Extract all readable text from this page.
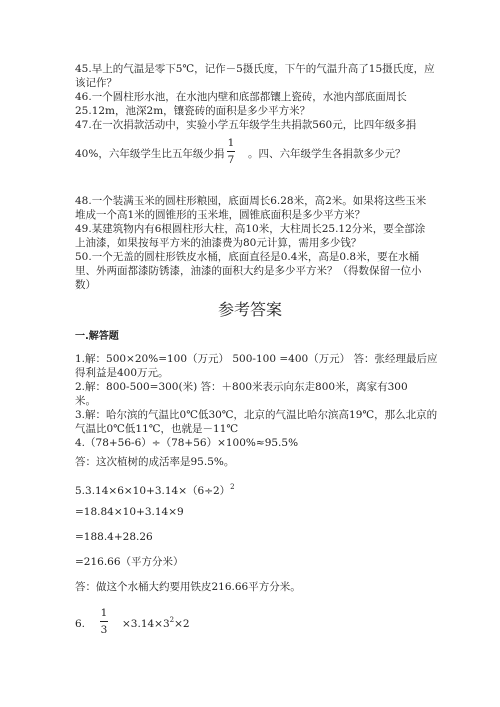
45.早上的气温是零下5℃，记作－5摄氏度，下午的气温升高了15摄氏度，应
该记作？
46.一个圆柱形水池，在水池内壁和底部都镶上瓷砖，水池内部底面周长
25.12m，池深2m，镶瓷砖的面积是多少平方米？
47.在一次捐款活动中，实验小学五年级学生共捐款560元，比四年级多捐
40%，六年级学生比五年级少捐
1
7 。四、六年级学生各捐款多少元？
48.一个装满玉米的圆柱形粮囤，底面周长6.28米，高2米。如果将这些玉米
堆成一个高1米的圆锥形的玉米堆，圆锥底面积是多少平方米？
49.某建筑物内有6根圆柱形大柱，高10米，大柱周长25.12分米，要全部涂
上油漆，如果按每平方米的油漆费为80元计算，需用多少钱？
50.一个无盖的圆柱形铁皮水桶，底面直径是0.4米，高是0.8米，要在水桶
里、外两面都漆防锈漆，油漆的面积大约是多少平方米？（得数保留一位小
数）
参考答案
一.解答题
1.解：500×20%=100（万元） 500-100 =400（万元） 答：张经理最后应
得利益是400万元。
2.解：800-500=300(米) 答：＋800米表示向东走800米，离家有300
米。
3.解：哈尔滨的气温比0℃低30℃，北京的气温比哈尔滨高19℃，那么北京的
气温比0℃低11℃，也就是－11℃
4.（78+56-6）÷（78+56）×100%≈95.5%
答：这次植树的成活率是95.5%。
$5.3.14\times 6\times 10+3.14\times(6\div 2)^2$
=18.84×10+3.14×9
=188.4+28.26
=216.66（平方分米）
答：做这个水桶大约要用铁皮216.66平方分米。
6.
1
$3 \times 3.14\times 3^2\times 2$
